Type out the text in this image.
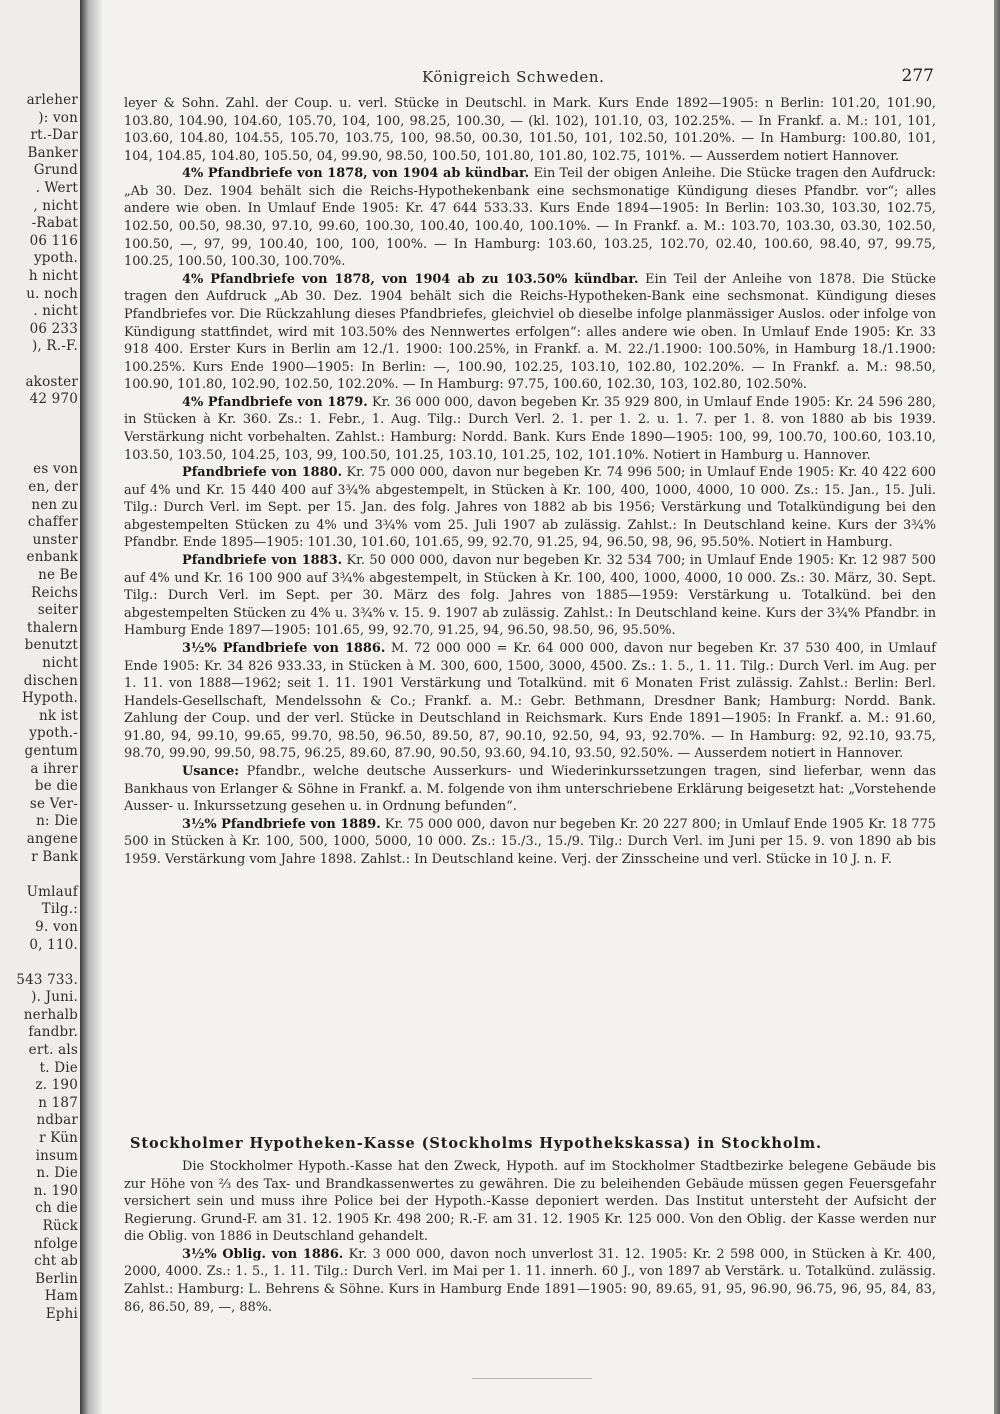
arleher
): von
rt.-Dar
Banker
Grund
. Wert
, nicht
-Rabat
06 116
ypoth.
h nicht
u. noch
. nicht
06 233
), R.-F.
akoster
42 970
es von
en, der
nen zu
chaffer
unster
enbank
ne Be
Reichs
seiter
thalern
benutzt
nicht
dischen
Hypoth.
nk ist
ypoth.-
gentum
a ihrer
be die
se Ver-
n: Die
angene
r Bank
Umlauf
Tilg.:
9. von
0, 110.
543 733.
). Juni.
nerhalb
fandbr.
ert. als
t. Die
z. 190
n 187
ndbar
r Kün
insum
n. Die
n. 190
ch die
Rück
nfolge
cht ab
Berlin
Ham
Ephi
Königreich Schweden.	277

leyer & Sohn. Zahl. der Coup. u. verl. Stücke in Deutschl. in Mark. Kurs Ende 1892—1905: n Berlin: 101.20, 101.90, 103.80, 104.90, 104.60, 105.70, 104, 100, 98.25, 100.30, — (kl. 102), 101.10, 03, 102.25%. — In Frankf. a. M.: 101, 101, 103.60, 104.80, 104.55, 105.70, 103.75, 100, 98.50, 00.30, 101.50, 101, 102.50, 101.20%. — In Hamburg: 100.80, 101, 104, 104.85, 104.80, 105.50, 04, 99.90, 98.50, 100.50, 101.80, 101.80, 102.75, 101%. — Ausserdem notiert Hannover.

4% Pfandbriefe von 1878, von 1904 ab kündbar. Ein Teil der obigen Anleihe. Die Stücke tragen den Aufdruck: „Ab 30. Dez. 1904 behält sich die Reichs-Hypothekenbank eine sechsmonatige Kündigung dieses Pfandbr. vor“; alles andere wie oben. In Umlauf Ende 1905: Kr. 47 644 533.33. Kurs Ende 1894—1905: In Berlin: 103.30, 103.30, 102.75, 102.50, 00.50, 98.30, 97.10, 99.60, 100.30, 100.40, 100.40, 100.10%. — In Frankf. a. M.: 103.70, 103.30, 03.30, 102.50, 100.50, —, 97, 99, 100.40, 100, 100, 100%. — In Hamburg: 103.60, 103.25, 102.70, 02.40, 100.60, 98.40, 97, 99.75, 100.25, 100.50, 100.30, 100.70%.

4% Pfandbriefe von 1878, von 1904 ab zu 103.50% kündbar. Ein Teil der Anleihe von 1878. Die Stücke tragen den Aufdruck „Ab 30. Dez. 1904 behält sich die Reichs-Hypotheken-Bank eine sechsmonat. Kündigung dieses Pfandbriefes vor. Die Rückzahlung dieses Pfandbriefes, gleichviel ob dieselbe infolge planmässiger Auslos. oder infolge von Kündigung stattfindet, wird mit 103.50% des Nennwertes erfolgen“: alles andere wie oben. In Umlauf Ende 1905: Kr. 33 918 400. Erster Kurs in Berlin am 12./1. 1900: 100.25%, in Frankf. a. M. 22./1.1900: 100.50%, in Hamburg 18./1.1900: 100.25%. Kurs Ende 1900—1905: In Berlin: —, 100.90, 102.25, 103.10, 102.80, 102.20%. — In Frankf. a. M.: 98.50, 100.90, 101.80, 102.90, 102.50, 102.20%. — In Hamburg: 97.75, 100.60, 102.30, 103, 102.80, 102.50%.

4% Pfandbriefe von 1879. Kr. 36 000 000, davon begeben Kr. 35 929 800, in Umlauf Ende 1905: Kr. 24 596 280, in Stücken à Kr. 360. Zs.: 1. Febr., 1. Aug. Tilg.: Durch Verl. 2. 1. per 1. 2. u. 1. 7. per 1. 8. von 1880 ab bis 1939. Verstärkung nicht vorbehalten. Zahlst.: Hamburg: Nordd. Bank. Kurs Ende 1890—1905: 100, 99, 100.70, 100.60, 103.10, 103.50, 103.50, 104.25, 103, 99, 100.50, 101.25, 103.10, 101.25, 102, 101.10%. Notiert in Hamburg u. Hannover.

Pfandbriefe von 1880. Kr. 75 000 000, davon nur begeben Kr. 74 996 500; in Umlauf Ende 1905: Kr. 40 422 600 auf 4% und Kr. 15 440 400 auf 3¾% abgestempelt, in Stücken à Kr. 100, 400, 1000, 4000, 10 000. Zs.: 15. Jan., 15. Juli. Tilg.: Durch Verl. im Sept. per 15. Jan. des folg. Jahres von 1882 ab bis 1956; Verstärkung und Totalkündigung bei den abgestempelten Stücken zu 4% und 3¾% vom 25. Juli 1907 ab zulässig. Zahlst.: In Deutschland keine. Kurs der 3¾% Pfandbr. Ende 1895—1905: 101.30, 101.60, 101.65, 99, 92.70, 91.25, 94, 96.50, 98, 96, 95.50%. Notiert in Hamburg.

Pfandbriefe von 1883. Kr. 50 000 000, davon nur begeben Kr. 32 534 700; in Umlauf Ende 1905: Kr. 12 987 500 auf 4% und Kr. 16 100 900 auf 3¾% abgestempelt, in Stücken à Kr. 100, 400, 1000, 4000, 10 000. Zs.: 30. März, 30. Sept. Tilg.: Durch Verl. im Sept. per 30. März des folg. Jahres von 1885—1959: Verstärkung u. Totalkünd. bei den abgestempelten Stücken zu 4% u. 3¾% v. 15. 9. 1907 ab zulässig. Zahlst.: In Deutschland keine. Kurs der 3¾% Pfandbr. in Hamburg Ende 1897—1905: 101.65, 99, 92.70, 91.25, 94, 96.50, 98.50, 96, 95.50%.

3½% Pfandbriefe von 1886. M. 72 000 000 = Kr. 64 000 000, davon nur begeben Kr. 37 530 400, in Umlauf Ende 1905: Kr. 34 826 933.33, in Stücken à M. 300, 600, 1500, 3000, 4500. Zs.: 1. 5., 1. 11. Tilg.: Durch Verl. im Aug. per 1. 11. von 1888—1962; seit 1. 11. 1901 Verstärkung und Totalkünd. mit 6 Monaten Frist zulässig. Zahlst.: Berlin: Berl. Handels-Gesellschaft, Mendelssohn & Co.; Frankf. a. M.: Gebr. Bethmann, Dresdner Bank; Hamburg: Nordd. Bank. Zahlung der Coup. und der verl. Stücke in Deutschland in Reichsmark. Kurs Ende 1891—1905: In Frankf. a. M.: 91.60, 91.80, 94, 99.10, 99.65, 99.70, 98.50, 96.50, 89.50, 87, 90.10, 92.50, 94, 93, 92.70%. — In Hamburg: 92, 92.10, 93.75, 98.70, 99.90, 99.50, 98.75, 96.25, 89.60, 87.90, 90.50, 93.60, 94.10, 93.50, 92.50%. — Ausserdem notiert in Hannover.

Usance: Pfandbr., welche deutsche Ausserkurs- und Wiederinkurssetzungen tragen, sind lieferbar, wenn das Bankhaus von Erlanger & Söhne in Frankf. a. M. folgende von ihm unterschriebene Erklärung beigesetzt hat: „Vorstehende Ausser- u. Inkurssetzung gesehen u. in Ordnung befunden“.

3½% Pfandbriefe von 1889. Kr. 75 000 000, davon nur begeben Kr. 20 227 800; in Umlauf Ende 1905 Kr. 18 775 500 in Stücken à Kr. 100, 500, 1000, 5000, 10 000. Zs.: 15./3., 15./9. Tilg.: Durch Verl. im Juni per 15. 9. von 1890 ab bis 1959. Verstärkung vom Jahre 1898. Zahlst.: In Deutschland keine. Verj. der Zinsscheine und verl. Stücke in 10 J. n. F.

Stockholmer Hypotheken-Kasse (Stockholms Hypothekskassa) in Stockholm.

Die Stockholmer Hypoth.-Kasse hat den Zweck, Hypoth. auf im Stockholmer Stadtbezirke belegene Gebäude bis zur Höhe von ⅔ des Tax- und Brandkassenwertes zu gewähren. Die zu beleihenden Gebäude müssen gegen Feuersgefahr versichert sein und muss ihre Police bei der Hypoth.-Kasse deponiert werden. Das Institut untersteht der Aufsicht der Regierung. Grund-F. am 31. 12. 1905 Kr. 498 200; R.-F. am 31. 12. 1905 Kr. 125 000. Von den Oblig. der Kasse werden nur die Oblig. von 1886 in Deutschland gehandelt.

3½% Oblig. von 1886. Kr. 3 000 000, davon noch unverlost 31. 12. 1905: Kr. 2 598 000, in Stücken à Kr. 400, 2000, 4000. Zs.: 1. 5., 1. 11. Tilg.: Durch Verl. im Mai per 1. 11. innerh. 60 J., von 1897 ab Verstärk. u. Totalkünd. zulässig. Zahlst.: Hamburg: L. Behrens & Söhne. Kurs in Hamburg Ende 1891—1905: 90, 89.65, 91, 95, 96.90, 96.75, 96, 95, 84, 83, 86, 86.50, 89, —, 88%.
